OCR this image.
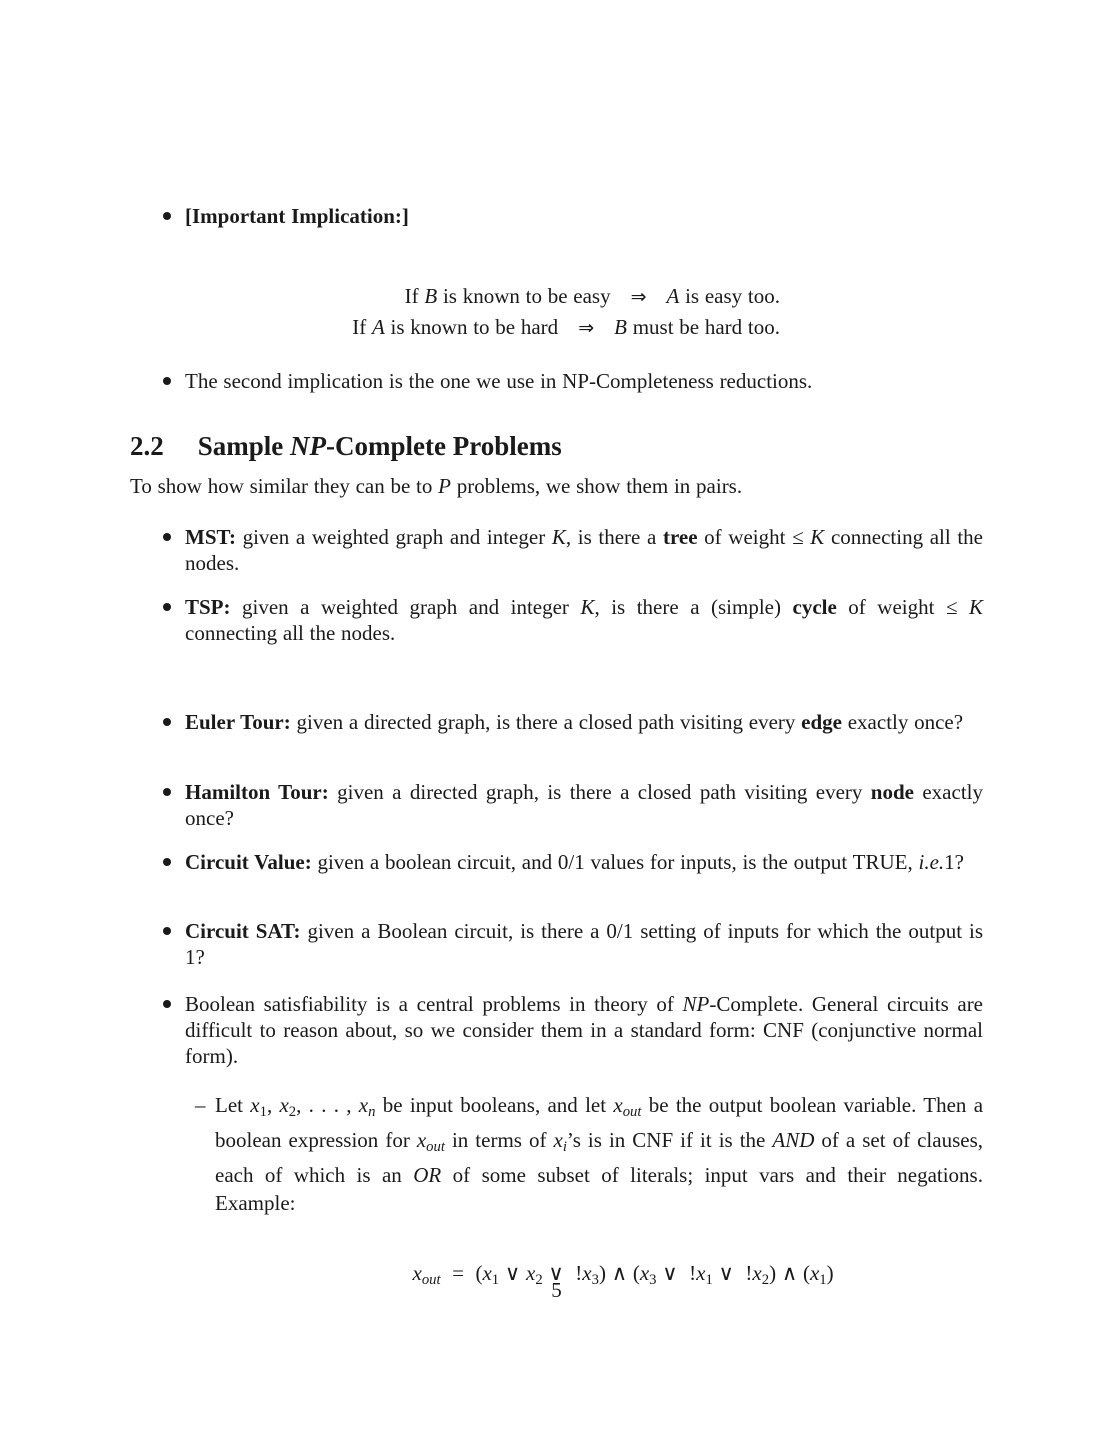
[Important Implication:]
If B is known to be easy ⇒ A is easy too.
If A is known to be hard ⇒ B must be hard too.
The second implication is the one we use in NP-Completeness reductions.
2.2 Sample NP-Complete Problems
To show how similar they can be to P problems, we show them in pairs.
MST: given a weighted graph and integer K, is there a tree of weight ≤ K connecting all the nodes.
TSP: given a weighted graph and integer K, is there a (simple) cycle of weight ≤ K connecting all the nodes.
Euler Tour: given a directed graph, is there a closed path visiting every edge exactly once?
Hamilton Tour: given a directed graph, is there a closed path visiting every node exactly once?
Circuit Value: given a boolean circuit, and 0/1 values for inputs, is the output TRUE, i.e.1?
Circuit SAT: given a Boolean circuit, is there a 0/1 setting of inputs for which the output is 1?
Boolean satisfiability is a central problems in theory of NP-Complete. General circuits are difficult to reason about, so we consider them in a standard form: CNF (conjunctive normal form).
– Let x1, x2, . . . , xn be input booleans, and let xout be the output boolean variable. Then a boolean expression for xout in terms of xi’s is in CNF if it is the AND of a set of clauses, each of which is an OR of some subset of literals; input vars and their negations. Example:

xout  =  (x1 ∨ x2 ∨  !x3) ∧ (x3 ∨  !x1 ∨  !x2) ∧ (x1)

5
